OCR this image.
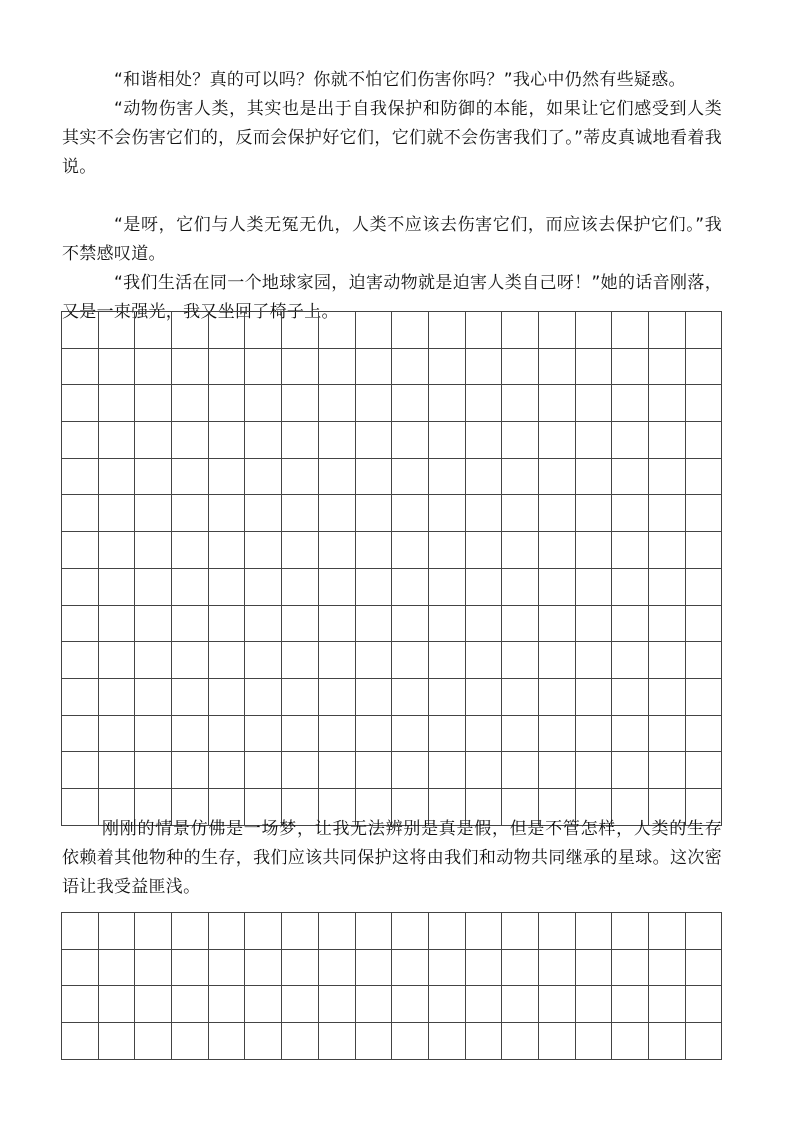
“和谐相处？真的可以吗？你就不怕它们伤害你吗？”我心中仍然有些疑惑。

“动物伤害人类，其实也是出于自我保护和防御的本能，如果让它们感受到人类其实不会伤害它们的，反而会保护好它们，它们就不会伤害我们了。”蒂皮真诚地看着我说。

“是呀，它们与人类无冤无仇，人类不应该去伤害它们，而应该去保护它们。”我不禁感叹道。

“我们生活在同一个地球家园，迫害动物就是迫害人类自己呀！”她的话音刚落，又是一束强光，我又坐回了椅子上。

刚刚的情景仿佛是一场梦，让我无法辨别是真是假，但是不管怎样，人类的生存依赖着其他物种的生存，我们应该共同保护这将由我们和动物共同继承的星球。这次密语让我受益匪浅。
